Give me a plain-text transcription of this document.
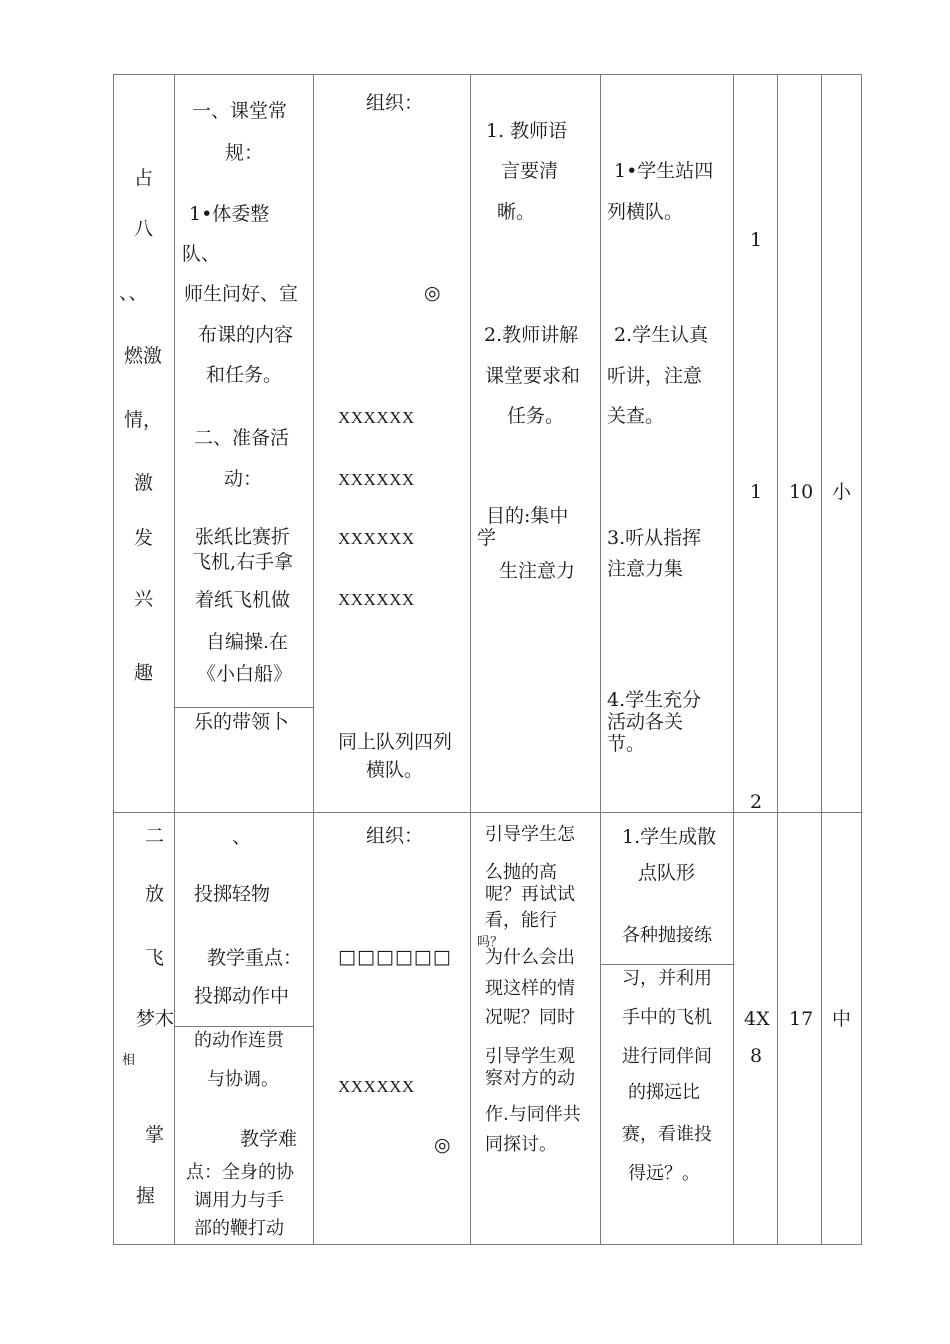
占
八
、、
燃激
情，
激
发
兴
趣
一、课堂常
规：
1•体委整
队、
师生问好、宣
布课的内容
和任务。
二、准备活
动：
张纸比赛折
飞机,右手拿
着纸飞机做
自编操.在
《小白船》
乐的带领卜
组织：
◎
XXXXXX
XXXXXX
XXXXXX
XXXXXX
同上队列四列
横队。
1. 教师语
言要清
晰。
2.教师讲解
课堂要求和
任务。
目的:集中
学
生注意力
1•学生站四
列横队。
2.学生认真
听讲，注意
关查。
3.听从指挥
注意力集
4.学生充分
活动各关
节。
1
1
2
10 小
二
放
飞
梦木
相
掌
握
、
投掷轻物
教学重点：
投掷动作中
的动作连贯
与协调。
教学难
点：全身的协
调用力与手
部的鞭打动
组织：
□□□□□□
XXXXXX
◎
引导学生怎
么抛的高
呢？再试试
看，能行
吗？
为什么会出
现这样的情
况呢？同时
引导学生观
察对方的动
作.与同伴共
同探讨。
1.学生成散
点队形
各种抛接练
习，并利用
手中的飞机
进行同伴间
的掷远比
赛，看谁投
得远？。
4X
8
17 中
